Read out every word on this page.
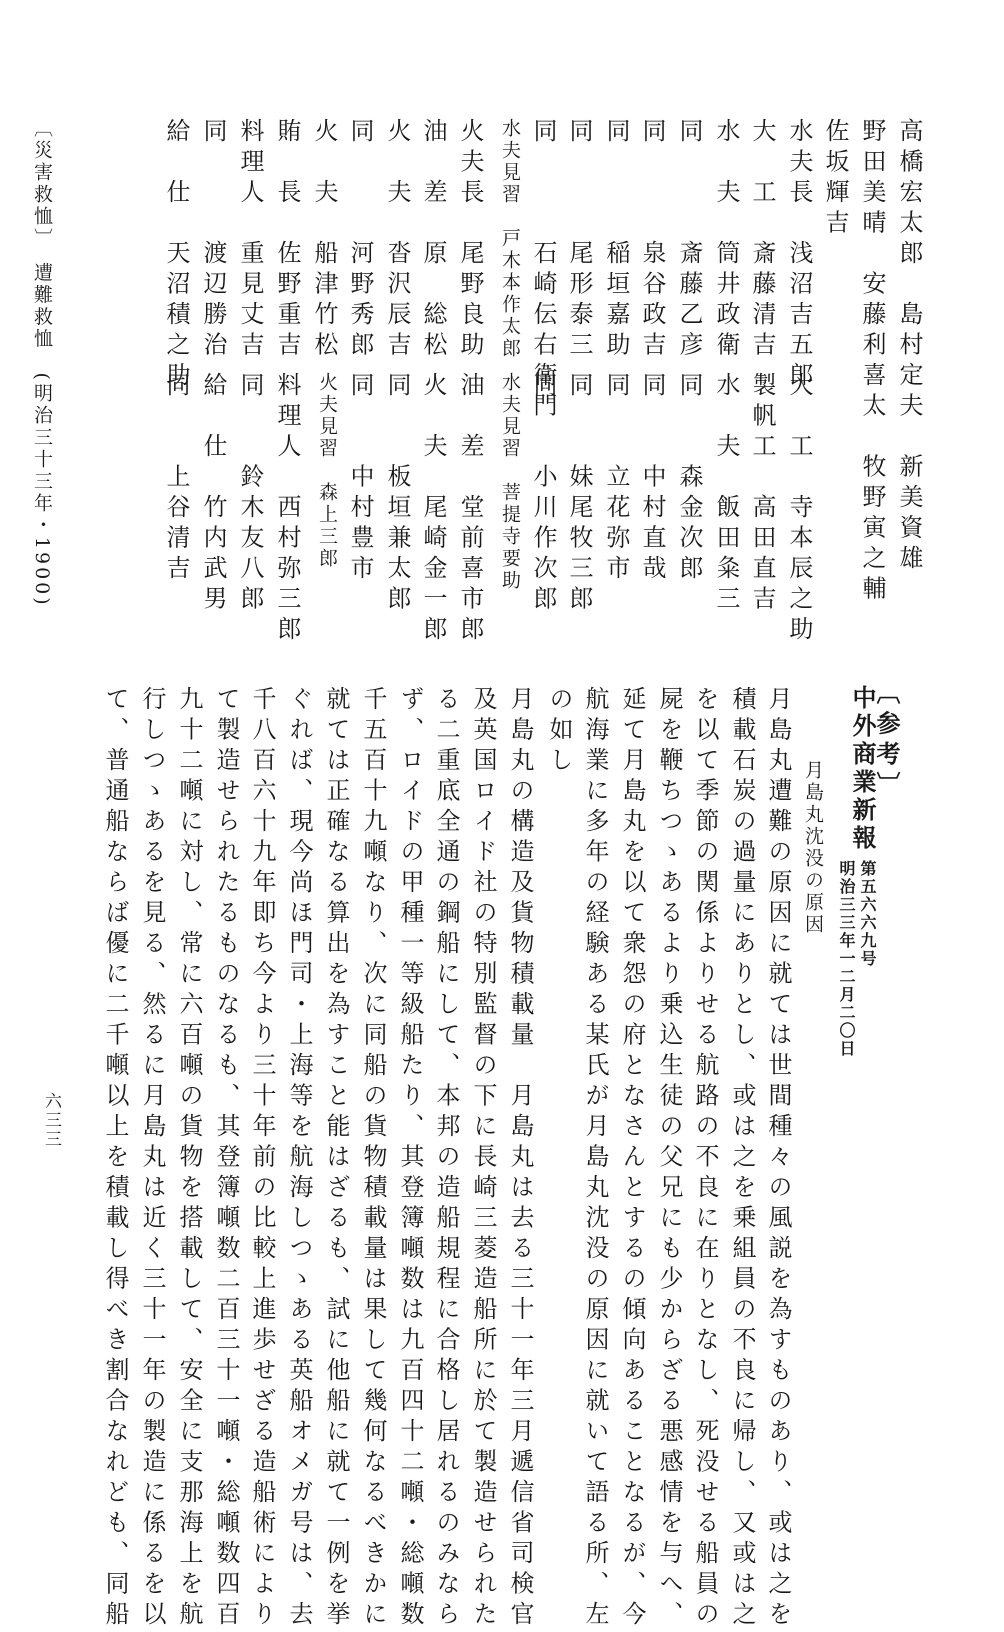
高橋宏太郎　島村定夫　新美資雄
野田美晴　安藤利喜太　牧野寅之輔
佐坂輝吉
水夫長　浅沼吉五郎
大　工　寺本辰之助
大　工　斎藤清吉
製帆工　高田直吉
水　夫　筒井政衛
水　夫　飯田粂三
同　　　斎藤乙彦
同　　森金次郎
同　　　泉谷政吉
同　　中村直哉
同　　　稲垣嘉助
同　　立花弥市
同　　　尾形泰三
同　　妹尾牧三郎
同　　　石崎伝右衛門
同　　小川作次郎
水夫見習　戸木本作太郎
水夫見習　菩提寺要助
火夫長　尾野良助
油　差　堂前喜市郎
油　差　原　総松
火　夫　尾崎金一郎
火　夫　沓沢辰吉
同　　板垣兼太郎
同　　　河野秀郎
同　　中村豊市
火　夫　船津竹松
火夫見習　森上三郎
賄　長　佐野重吉
料理人　西村弥三郎
料理人　重見丈吉
同　　鈴木友八郎
同　　　渡辺勝治
給　仕　竹内武男
給　仕　天沼積之助
同　　上谷清吉
〔災害救恤〕　遭難救恤　(明治三十三年・1900)
〔参考〕
中外商業新報
第五六六九号
明治三三年一二月二〇日
月島丸沈没の原因
月島丸遭難の原因に就ては世間種々の風説を為すものあり、或は之を
積載石炭の過量にありとし、或は之を乗組員の不良に帰し、又或は之
を以て季節の関係よりせる航路の不良に在りとなし、死没せる船員の
屍を鞭ちつゝあるより乗込生徒の父兄にも少からざる悪感情を与へ、
延て月島丸を以て衆怨の府となさんとするの傾向あることなるが、今
航海業に多年の経験ある某氏が月島丸沈没の原因に就いて語る所、左
の如し
月島丸の構造及貨物積載量　月島丸は去る三十一年三月遞信省司検官
及英国ロイド社の特別監督の下に長崎三菱造船所に於て製造せられた
る二重底全通の鋼船にして、本邦の造船規程に合格し居れるのみなら
ず、ロイドの甲種一等級船たり、其登簿噸数は九百四十二噸・総噸数
千五百十九噸なり、次に同船の貨物積載量は果して幾何なるべきかに
就ては正確なる算出を為すこと能はざるも、試に他船に就て一例を挙
ぐれば、現今尚ほ門司・上海等を航海しつゝある英船オメガ号は、去
千八百六十九年即ち今より三十年前の比較上進歩せざる造船術により
て製造せられたるものなるも、其登簿噸数二百三十一噸・総噸数四百
九十二噸に対し、常に六百噸の貨物を搭載して、安全に支那海上を航
行しつゝあるを見る、然るに月島丸は近く三十一年の製造に係るを以
て、普通船ならば優に二千噸以上を積載し得べき割合なれども、同船
六三三
